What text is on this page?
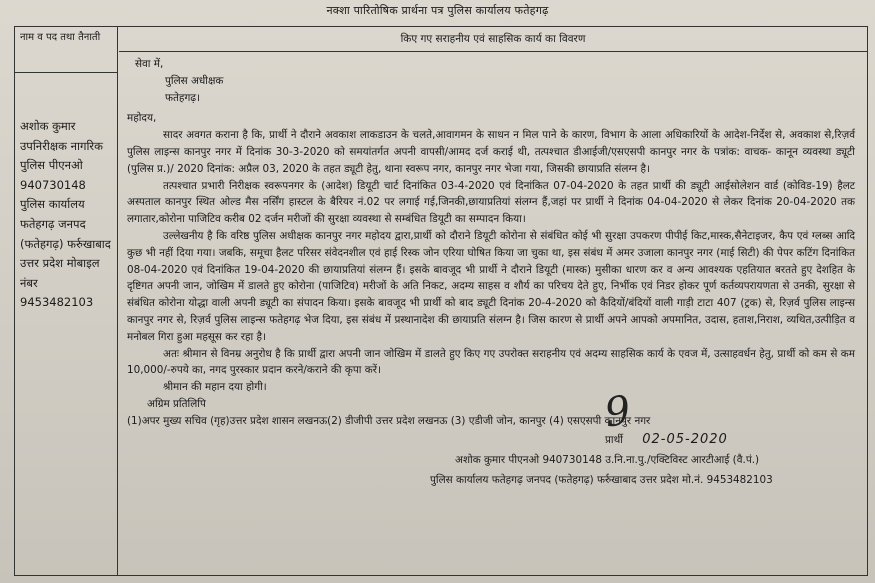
नक्शा पारितोषिक प्रार्थना पत्र पुलिस कार्यालय फतेहगढ़
नाम व पद तथा तैनाती
अशोक कुमार उपनिरीक्षक नागरिक पुलिस पीएनओ 940730148 पुलिस कार्यालय फतेहगढ़ जनपद (फतेहगढ़) फर्रुखाबाद उत्तर प्रदेश मोबाइल नंबर 9453482103
किए गए सराहनीय एवं साहसिक कार्य का विवरण
सेवा में,
पुलिस अधीक्षक
फतेहगढ़।
महोदय,

सादर अवगत कराना है कि, प्रार्थी ने दौराने अवकाश लाकडाउन के चलते,आवागमन के साधन न मिल पाने के कारण, विभाग के आला अधिकारियों के आदेश-निर्देश से, अवकाश से,रिज़र्व पुलिस लाइन्स कानपुर नगर में दिनांक 30-3-2020 को समयांतर्गत अपनी वापसी/आमद दर्ज कराई थी, तत्पश्चात डीआईजी/एसएसपी कानपुर नगर के पत्रांक: वाचक- कानून व्यवस्था ड्यूटी (पुलिस प्र.)/ 2020 दिनांक: अप्रैल 03, 2020 के तहत ड्यूटी हेतु, थाना स्वरूप नगर, कानपुर नगर भेजा गया, जिसकी छायाप्रति संलग्न है।

तत्पश्चात प्रभारी निरीक्षक स्वरूपनगर के (आदेश) डियूटी चार्ट दिनांकित 03-4-2020 एवं दिनांकित 07-04-2020 के तहत प्रार्थी की ड्यूटी आईसोलेशन वार्ड (कोविड-19) हैलट अस्पताल कानपुर स्थित ओल्ड मैस नर्सिंग हास्टल के बैरियर नं.02 पर लगाई गई,जिनकी,छायाप्रतियां संलग्न हैं,जहां पर प्रार्थी ने दिनांक 04-04-2020 से लेकर दिनांक 20-04-2020 तक लगातार,कोरोना पाजिटिव करीब 02 दर्जन मरीजों की सुरक्षा व्यवस्था से सम्बंधित डियूटी का सम्पादन किया।

उल्लेखनीय है कि वरिष्ठ पुलिस अधीक्षक कानपुर नगर महोदय द्वारा,प्रार्थी को दौराने डियूटी कोरोना से संबंधित कोई भी सुरक्षा उपकरण पीपीई किट,मास्क,सैनेटाइजर, कैप एवं ग्लब्स आदि कुछ भी नहीं दिया गया। जबकि, समूचा हैलट परिसर संवेदनशील एवं हाई रिस्क जोन एरिया घोषित किया जा चुका था, इस संबंध में अमर उजाला कानपुर नगर (माई सिटी) की पेपर कटिंग दिनांकित 08-04-2020 एवं दिनांकित 19-04-2020 की छायाप्रतियां संलग्न हैं। इसके बावजूद भी प्रार्थी ने दौराने डियूटी (मास्क) मुसीका धारण कर व अन्य आवश्यक एहतियात बरतते हुए देशहित के दृष्टिगत अपनी जान, जोखिम में डालते हुए कोरोना (पाजिटिव) मरीजों के अति निकट, अदम्य साहस व शौर्य का परिचय देते हुए, निर्भीक एवं निडर होकर पूर्ण कर्तव्यपरायणता से उनकी, सुरक्षा से संबंधित कोरोना योद्धा वाली अपनी ड्यूटी का संपादन किया। इसके बावजूद भी प्रार्थी को बाद ड्यूटी दिनांक 20-4-2020 को कैदियों/बंदियों वाली गाड़ी टाटा 407 (ट्रक) से, रिज़र्व पुलिस लाइन्स कानपुर नगर से, रिज़र्व पुलिस लाइन्स फतेहगढ़ भेज दिया, इस संबंध में प्रस्थानादेश की छायाप्रति संलग्न है। जिस कारण से प्रार्थी अपने आपको अपमानित, उदास, हताश,निराश, व्यथित,उत्पीड़ित व मनोबल गिरा हुआ महसूस कर रहा है।

अतः श्रीमान से विनम्र अनुरोध है कि प्रार्थी द्वारा अपनी जान जोखिम में डालते हुए किए गए उपरोक्त सराहनीय एवं अदम्य साहसिक कार्य के एवज में, उत्साहवर्धन हेतु, प्रार्थी को कम से कम 10,000/-रुपये का, नगद पुरस्कार प्रदान करने/कराने की कृपा करें।

श्रीमान की महान दया होगी।

अग्रिम प्रतिलिपि

(1)अपर मुख्य सचिव (गृह)उत्तर प्रदेश शासन लखनऊ(2) डीजीपी उत्तर प्रदेश लखनऊ (3) एडीजी जोन, कानपुर (4) एसएसपी कानपुर नगर

9
प्रार्थी 02-05-2020
अशोक कुमार पीएनओ 940730148 उ.नि.ना.पु./एक्टिविस्ट आरटीआई (वै.पं.)
पुलिस कार्यालय फतेहगढ़ जनपद (फतेहगढ़) फर्रुखाबाद उत्तर प्रदेश मो.नं. 9453482103
